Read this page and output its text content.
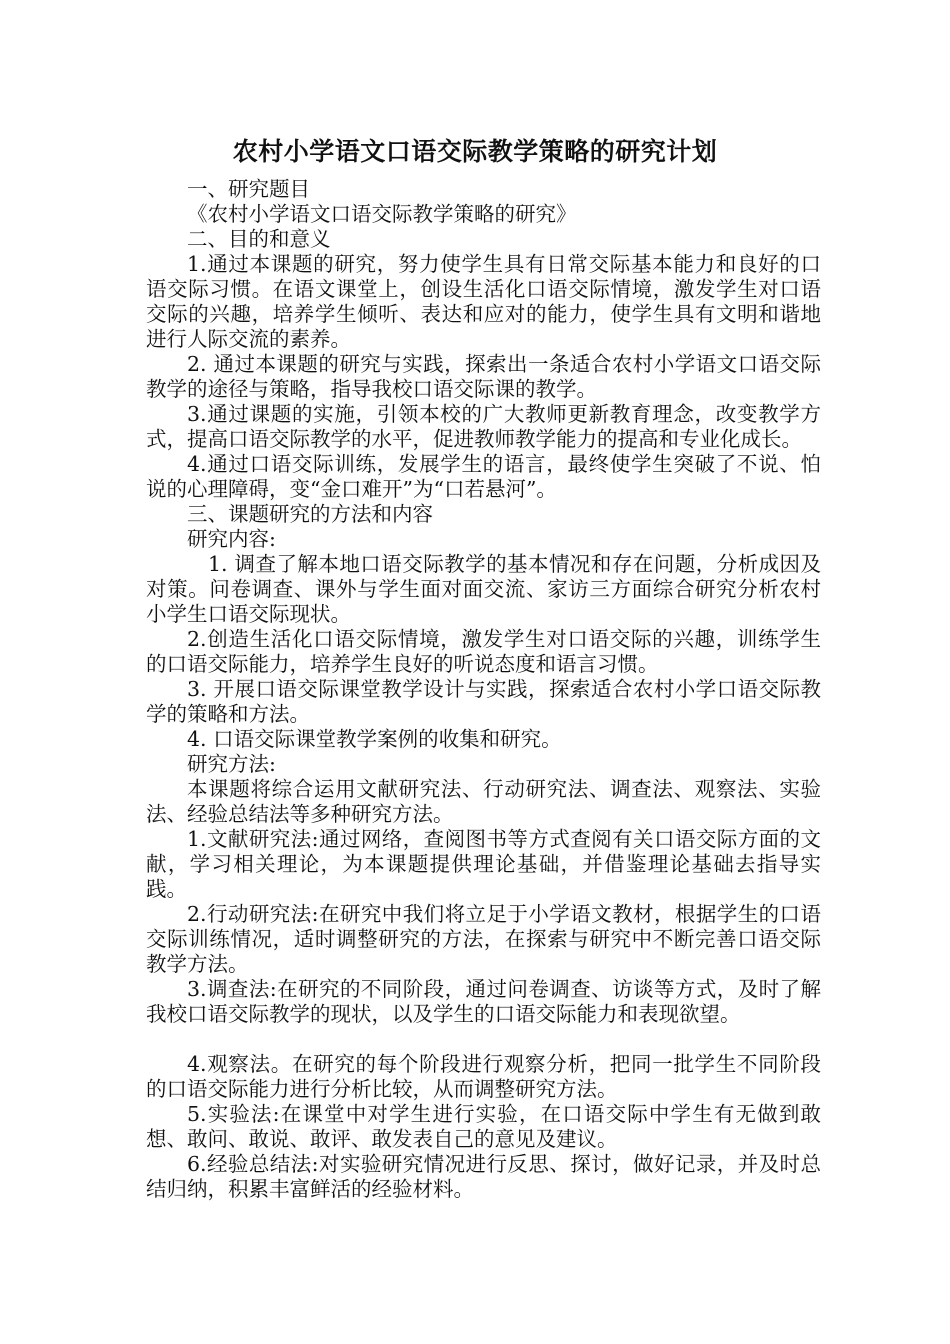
农村小学语文口语交际教学策略的研究计划

一、研究题目

《农村小学语文口语交际教学策略的研究》

二、目的和意义

1.通过本课题的研究，努力使学生具有日常交际基本能力和良好的口语交际习惯。在语文课堂上，创设生活化口语交际情境，激发学生对口语交际的兴趣，培养学生倾听、表达和应对的能力，使学生具有文明和谐地进行人际交流的素养。

2. 通过本课题的研究与实践，探索出一条适合农村小学语文口语交际教学的途径与策略，指导我校口语交际课的教学。

3.通过课题的实施，引领本校的广大教师更新教育理念，改变教学方式，提高口语交际教学的水平，促进教师教学能力的提高和专业化成长。

4.通过口语交际训练，发展学生的语言，最终使学生突破了不说、怕说的心理障碍，变“金口难开”为“口若悬河”。

三、课题研究的方法和内容

研究内容:

1. 调查了解本地口语交际教学的基本情况和存在问题，分析成因及对策。问卷调查、课外与学生面对面交流、家访三方面综合研究分析农村小学生口语交际现状。

2.创造生活化口语交际情境，激发学生对口语交际的兴趣，训练学生的口语交际能力，培养学生良好的听说态度和语言习惯。

3. 开展口语交际课堂教学设计与实践，探索适合农村小学口语交际教学的策略和方法。

4. 口语交际课堂教学案例的收集和研究。

研究方法:

本课题将综合运用文献研究法、行动研究法、调查法、观察法、实验法、经验总结法等多种研究方法。

1.文献研究法:通过网络，查阅图书等方式查阅有关口语交际方面的文献，学习相关理论，为本课题提供理论基础，并借鉴理论基础去指导实践。

2.行动研究法:在研究中我们将立足于小学语文教材，根据学生的口语交际训练情况，适时调整研究的方法，在探索与研究中不断完善口语交际教学方法。

3.调查法:在研究的不同阶段，通过问卷调查、访谈等方式，及时了解我校口语交际教学的现状，以及学生的口语交际能力和表现欲望。

4.观察法。在研究的每个阶段进行观察分析，把同一批学生不同阶段的口语交际能力进行分析比较，从而调整研究方法。

5.实验法:在课堂中对学生进行实验，在口语交际中学生有无做到敢想、敢问、敢说、敢评、敢发表自己的意见及建议。

6.经验总结法:对实验研究情况进行反思、探讨，做好记录，并及时总结归纳，积累丰富鲜活的经验材料。
